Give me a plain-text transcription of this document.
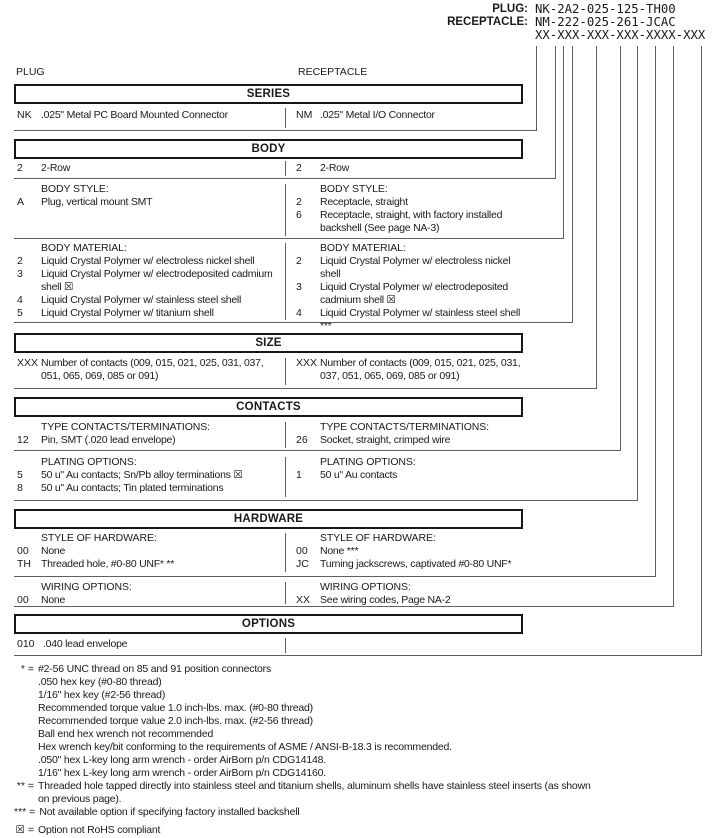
PLUG: NK-2A2-025-125-TH00
RECEPTACLE: NM-222-025-261-JCAC
XX-XXX-XXX-XXX-XXXX-XXX
PLUG	RECEPTACLE
SERIES
NK .025" Metal PC Board Mounted Connector	NM .025" Metal I/O Connector
BODY
2	2-Row	2	2-Row
BODY STYLE:
A	Plug, vertical mount SMT
BODY STYLE:
2	Receptacle, straight
6	Receptacle, straight, with factory installed backshell (See page NA-3)
BODY MATERIAL:
2	Liquid Crystal Polymer w/ electroless nickel shell
3	Liquid Crystal Polymer w/ electrodeposited cadmium shell ☒
4	Liquid Crystal Polymer w/ stainless steel shell
5	Liquid Crystal Polymer w/ titanium shell
BODY MATERIAL:
2	Liquid Crystal Polymer w/ electroless nickel shell
3	Liquid Crystal Polymer w/ electrodeposited cadmium shell ☒
4	Liquid Crystal Polymer w/ stainless steel shell ***
SIZE
XXX Number of contacts (009, 015, 021, 025, 031, 037, 051, 065, 069, 085 or 091)
XXX Number of contacts (009, 015, 021, 025, 031, 037, 051, 065, 069, 085 or 091)
CONTACTS
TYPE CONTACTS/TERMINATIONS:
12	Pin, SMT (.020 lead envelope)
TYPE CONTACTS/TERMINATIONS:
26	Socket, straight, crimped wire
PLATING OPTIONS:
5	50 u" Au contacts; Sn/Pb alloy terminations ☒
8	50 u" Au contacts; Tin plated terminations
PLATING OPTIONS:
1	50 u" Au contacts
HARDWARE
STYLE OF HARDWARE:
00	None
TH Threaded hole, #0-80 UNF* **
STYLE OF HARDWARE:
00	None ***
JC	Turning jackscrews, captivated #0-80 UNF*
WIRING OPTIONS:
00	None
WIRING OPTIONS:
XX See wiring codes, Page NA-2
OPTIONS
010 .040 lead envelope
* = #2-56 UNC thread on 85 and 91 position connectors
.050 hex key (#0-80 thread)
1/16" hex key (#2-56 thread)
Recommended torque value 1.0 inch-lbs. max. (#0-80 thread)
Recommended torque value 2.0 inch-lbs. max. (#2-56 thread)
Ball end hex wrench not recommended
Hex wrench key/bit conforming to the requirements of ASME / ANSI-B-18.3 is recommended.
.050" hex L-key long arm wrench - order AirBorn p/n CDG14148.
1/16" hex L-key long arm wrench - order AirBorn p/n CDG14160.
** = Threaded hole tapped directly into stainless steel and titanium shells, aluminum shells have stainless steel inserts (as shown on previous page).
*** = Not available option if specifying factory installed backshell
☒ = Option not RoHS compliant
